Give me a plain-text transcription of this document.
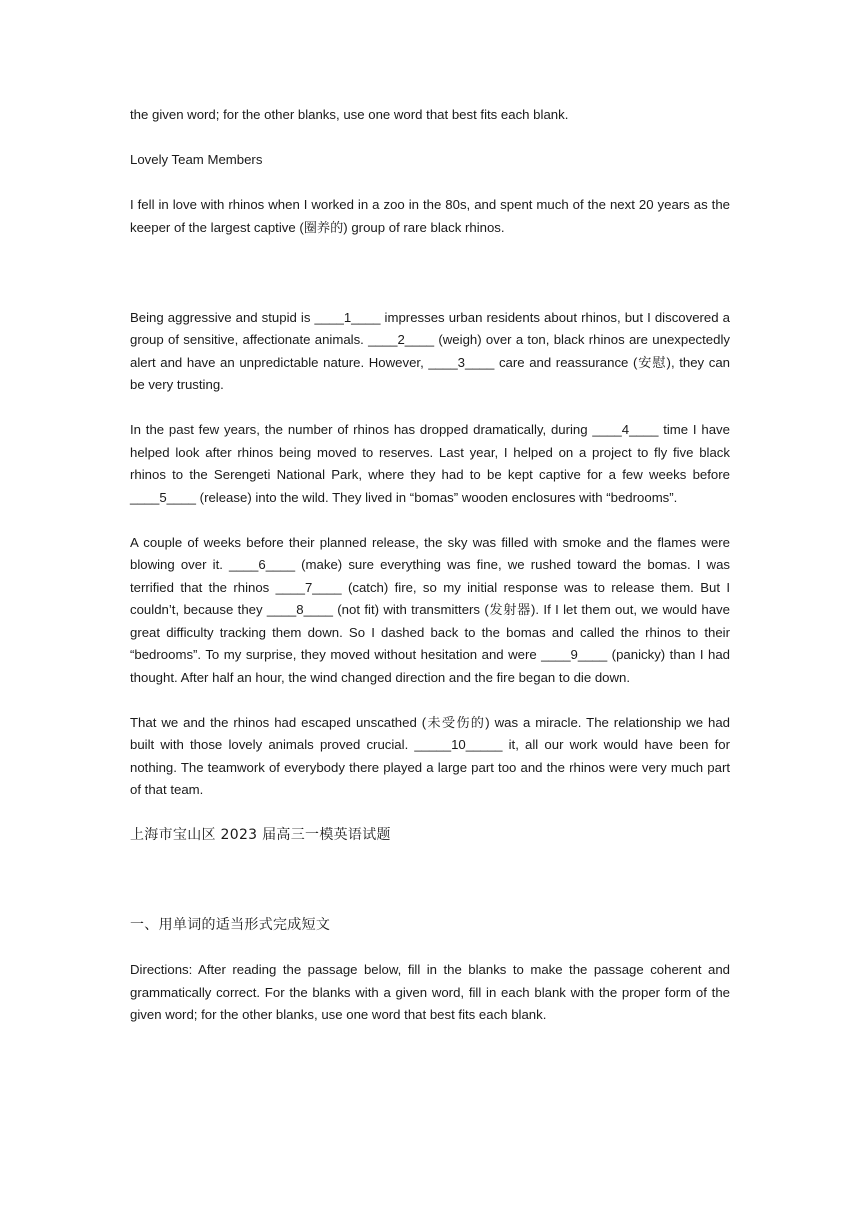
the given word; for the other blanks, use one word that best fits each blank.

Lovely Team Members

I fell in love with rhinos when I worked in a zoo in the 80s, and spent much of the next 20 years as the keeper of the largest captive (圈养的) group of rare black rhinos.

Being aggressive and stupid is ____1____ impresses urban residents about rhinos, but I discovered a group of sensitive, affectionate animals. ____2____ (weigh) over a ton, black rhinos are unexpectedly alert and have an unpredictable nature. However, ____3____ care and reassurance (安慰), they can be very trusting.

In the past few years, the number of rhinos has dropped dramatically, during ____4____ time I have helped look after rhinos being moved to reserves. Last year, I helped on a project to fly five black rhinos to the Serengeti National Park, where they had to be kept captive for a few weeks before ____5____ (release) into the wild. They lived in “bomas” wooden enclosures with “bedrooms”.

A couple of weeks before their planned release, the sky was filled with smoke and the flames were blowing over it. ____6____ (make) sure everything was fine, we rushed toward the bomas. I was terrified that the rhinos ____7____ (catch) fire, so my initial response was to release them. But I couldn’t, because they ____8____ (not fit) with transmitters (发射器). If I let them out, we would have great difficulty tracking them down. So I dashed back to the bomas and called the rhinos to their “bedrooms”. To my surprise, they moved without hesitation and were ____9____ (panicky) than I had thought. After half an hour, the wind changed direction and the fire began to die down.

That we and the rhinos had escaped unscathed (未受伤的) was a miracle. The relationship we had built with those lovely animals proved crucial. _____10_____ it, all our work would have been for nothing. The teamwork of everybody there played a large part too and the rhinos were very much part of that team.

上海市宝山区 2023 届高三一模英语试题

一、用单词的适当形式完成短文

Directions: After reading the passage below, fill in the blanks to make the passage coherent and grammatically correct. For the blanks with a given word, fill in each blank with the proper form of the given word; for the other blanks, use one word that best fits each blank.
